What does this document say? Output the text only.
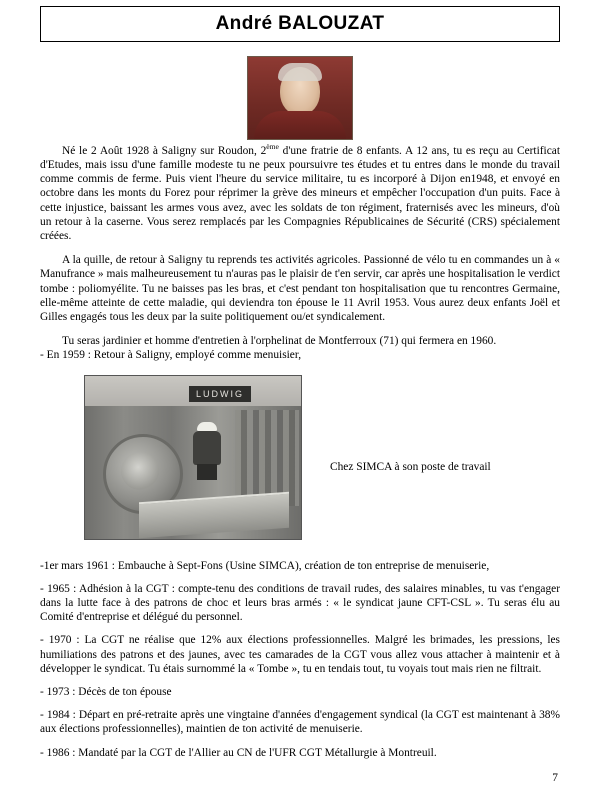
André BALOUZAT

Né le 2 Août 1928 à Saligny sur Roudon, 2ème d'une fratrie de 8 enfants. A 12 ans, tu es reçu au Certificat d'Etudes, mais issu d'une famille modeste tu ne peux poursuivre tes études et tu entres dans le monde du travail comme commis de ferme. Puis vient l'heure du service militaire, tu es incorporé à Dijon en1948, et envoyé en octobre dans les monts du Forez pour réprimer la grève des mineurs et empêcher l'occupation d'un puits. Face à cette injustice, baissant les armes vous avez, avec les soldats de ton régiment, fraternisés avec les mineurs, d'où un retour à la caserne. Vous serez remplacés par les Compagnies Républicaines de Sécurité (CRS) spécialement créées.

A la quille, de retour à Saligny tu reprends tes activités agricoles. Passionné de vélo tu en commandes un à « Manufrance » mais malheureusement tu n'auras pas le plaisir de t'en servir, car après une hospitalisation le verdict tombe : poliomyélite. Tu ne baisses pas les bras, et c'est pendant ton hospitalisation que tu rencontres Germaine, elle-même atteinte de cette maladie, qui deviendra ton épouse le 11 Avril 1953. Vous aurez deux enfants Joël et Gilles engagés tous les deux par la suite politiquement ou/et syndicalement.

Tu seras jardinier et homme d'entretien à l'orphelinat de Montferroux (71) qui fermera en 1960.

- En 1959 : Retour à Saligny, employé comme menuisier,

LUDWIG
Chez SIMCA à son poste de travail

-1er mars 1961 : Embauche à Sept-Fons (Usine SIMCA), création de ton entreprise de menuiserie,

- 1965 : Adhésion à la CGT : compte-tenu des conditions de travail rudes, des salaires minables, tu vas t'engager dans la lutte face à des patrons de choc et leurs bras armés : « le syndicat jaune CFT-CSL ». Tu seras élu au Comité d'entreprise et délégué du personnel.

- 1970 : La CGT ne réalise que 12% aux élections professionnelles. Malgré les brimades, les pressions, les humiliations des patrons et des jaunes, avec tes camarades de la CGT vous allez vous attacher à maintenir et à développer le syndicat. Tu étais surnommé la « Tombe », tu en tendais tout, tu voyais tout mais rien ne filtrait.

- 1973 : Décès de ton épouse

- 1984 : Départ en pré-retraite après une vingtaine d'années d'engagement syndical (la CGT est maintenant à 38% aux élections professionnelles), maintien de ton activité de menuiserie.

- 1986 : Mandaté par la CGT de l'Allier au CN de l'UFR CGT Métallurgie à Montreuil.

7
